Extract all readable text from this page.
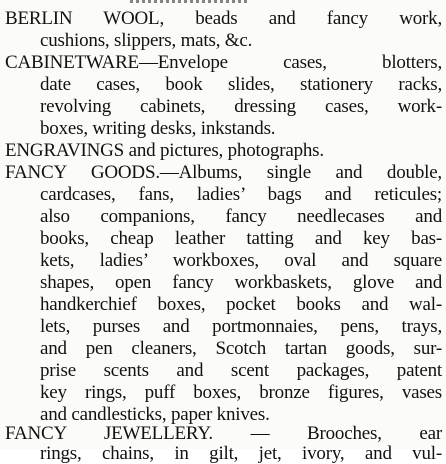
BERLIN WOOL, beads and fancy work,
cushions, slippers, mats, &c.
CABINETWARE—Envelope cases, blotters,
date cases, book slides, stationery racks,
revolving cabinets, dressing cases, work-
boxes, writing desks, inkstands.
ENGRAVINGS and pictures, photographs.
FANCY GOODS.—Albums, single and double,
cardcases, fans, ladies’ bags and reticules;
also companions, fancy needlecases and
books, cheap leather tatting and key bas-
kets, ladies’ workboxes, oval and square
shapes, open fancy workbaskets, glove and
handkerchief boxes, pocket books and wal-
lets, purses and portmonnaies, pens, trays,
and pen cleaners, Scotch tartan goods, sur-
prise scents and scent packages, patent
key rings, puff boxes, bronze figures, vases
and candlesticks, paper knives.
FANCY JEWELLERY. — Brooches, ear
rings, chains, in gilt, jet, ivory, and vul-
